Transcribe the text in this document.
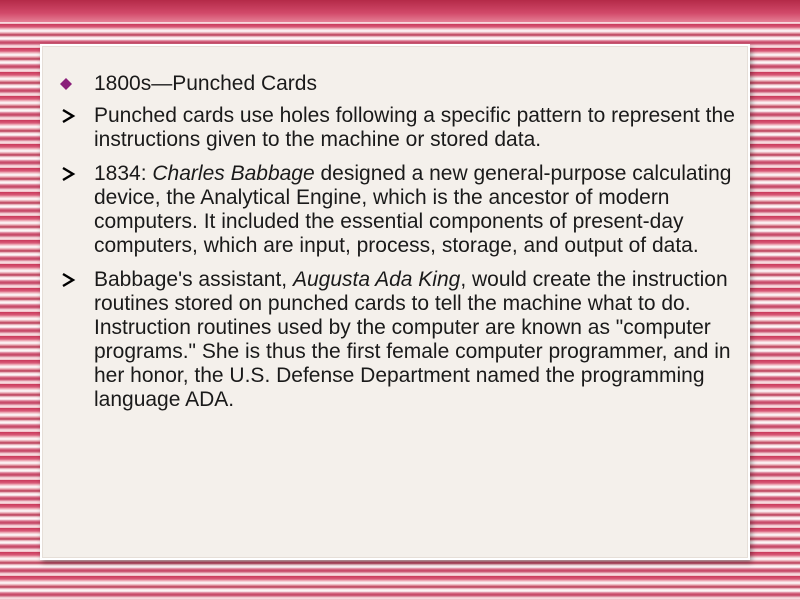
1800s—Punched Cards
Punched cards use holes following a specific pattern to represent the instructions given to the machine or stored data.
1834: Charles Babbage designed a new general-purpose calculating device, the Analytical Engine, which is the ancestor of modern computers. It included the essential components of present-day computers, which are input, process, storage, and output of data.
Babbage's assistant, Augusta Ada King, would create the instruction routines stored on punched cards to tell the machine what to do. Instruction routines used by the computer are known as "computer programs." She is thus the first female computer programmer, and in her honor, the U.S. Defense Department named the programming language ADA.
